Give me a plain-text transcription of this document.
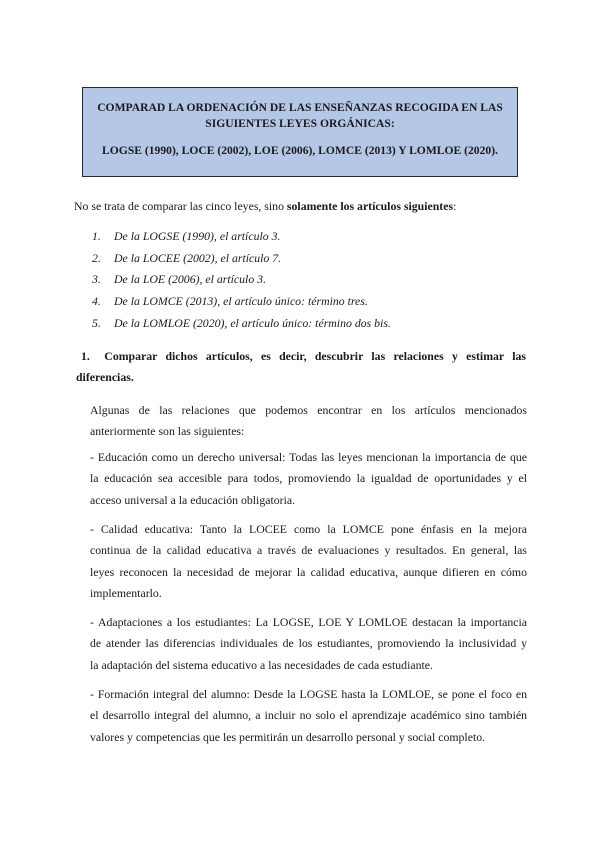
COMPARAD LA ORDENACIÓN DE LAS ENSEÑANZAS RECOGIDA EN LAS
SIGUIENTES LEYES ORGÁNICAS:
LOGSE (1990), LOCE (2002), LOE (2006), LOMCE (2013) Y LOMLOE (2020).
No se trata de comparar las cinco leyes, sino solamente los artículos siguientes:
1. De la LOGSE (1990), el artículo 3.
2. De la LOCEE (2002), el artículo 7.
3. De la LOE (2006), el artículo 3.
4. De la LOMCE (2013), el artículo único: término tres.
5. De la LOMLOE (2020), el artículo único: término dos bis.
1. Comparar dichos artículos, es decir, descubrir las relaciones y estimar las
diferencias.
Algunas de las relaciones que podemos encontrar en los artículos mencionados
anteriormente son las siguientes:
- Educación como un derecho universal: Todas las leyes mencionan la importancia de que
la educación sea accesible para todos, promoviendo la igualdad de oportunidades y el
acceso universal a la educación obligatoria.
- Calidad educativa: Tanto la LOCEE como la LOMCE pone énfasis en la mejora
continua de la calidad educativa a través de evaluaciones y resultados. En general, las
leyes reconocen la necesidad de mejorar la calidad educativa, aunque difieren en cómo
implementarlo.
- Adaptaciones a los estudiantes: La LOGSE, LOE Y LOMLOE destacan la importancia
de atender las diferencias individuales de los estudiantes, promoviendo la inclusividad y
la adaptación del sistema educativo a las necesidades de cada estudiante.
- Formación integral del alumno: Desde la LOGSE hasta la LOMLOE, se pone el foco en
el desarrollo integral del alumno, a incluir no solo el aprendizaje académico sino también
valores y competencias que les permitirán un desarrollo personal y social completo.
